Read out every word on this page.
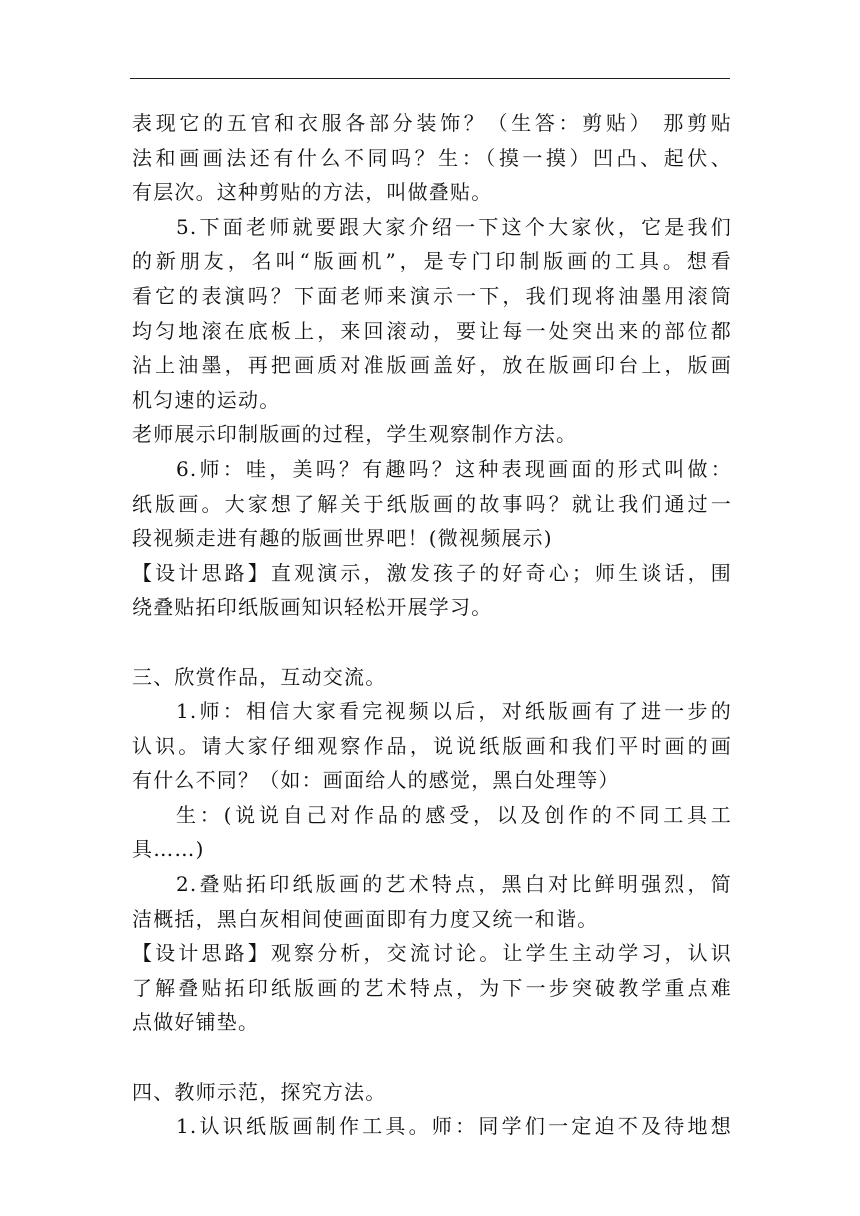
表现它的五官和衣服各部分装饰？（生答：剪贴） 那剪贴
法和画画法还有什么不同吗？生：（摸一摸）凹凸、起伏、
有层次。这种剪贴的方法，叫做叠贴。
5.下面老师就要跟大家介绍一下这个大家伙，它是我们
的新朋友，名叫“版画机”，是专门印制版画的工具。想看
看它的表演吗？下面老师来演示一下，我们现将油墨用滚筒
均匀地滚在底板上，来回滚动，要让每一处突出来的部位都
沾上油墨，再把画质对准版画盖好，放在版画印台上，版画
机匀速的运动。
老师展示印制版画的过程，学生观察制作方法。
6.师：哇，美吗？有趣吗？这种表现画面的形式叫做：
纸版画。大家想了解关于纸版画的故事吗？就让我们通过一
段视频走进有趣的版画世界吧！(微视频展示)
【设计思路】直观演示，激发孩子的好奇心；师生谈话，围
绕叠贴拓印纸版画知识轻松开展学习。
三、欣赏作品，互动交流。
1.师：相信大家看完视频以后，对纸版画有了进一步的
认识。请大家仔细观察作品，说说纸版画和我们平时画的画
有什么不同？（如：画面给人的感觉，黑白处理等）
生：(说说自己对作品的感受，以及创作的不同工具工
具……)
2.叠贴拓印纸版画的艺术特点，黑白对比鲜明强烈，简
洁概括，黑白灰相间使画面即有力度又统一和谐。
【设计思路】观察分析，交流讨论。让学生主动学习，认识
了解叠贴拓印纸版画的艺术特点，为下一步突破教学重点难
点做好铺垫。
四、教师示范，探究方法。
1.认识纸版画制作工具。师：同学们一定迫不及待地想
